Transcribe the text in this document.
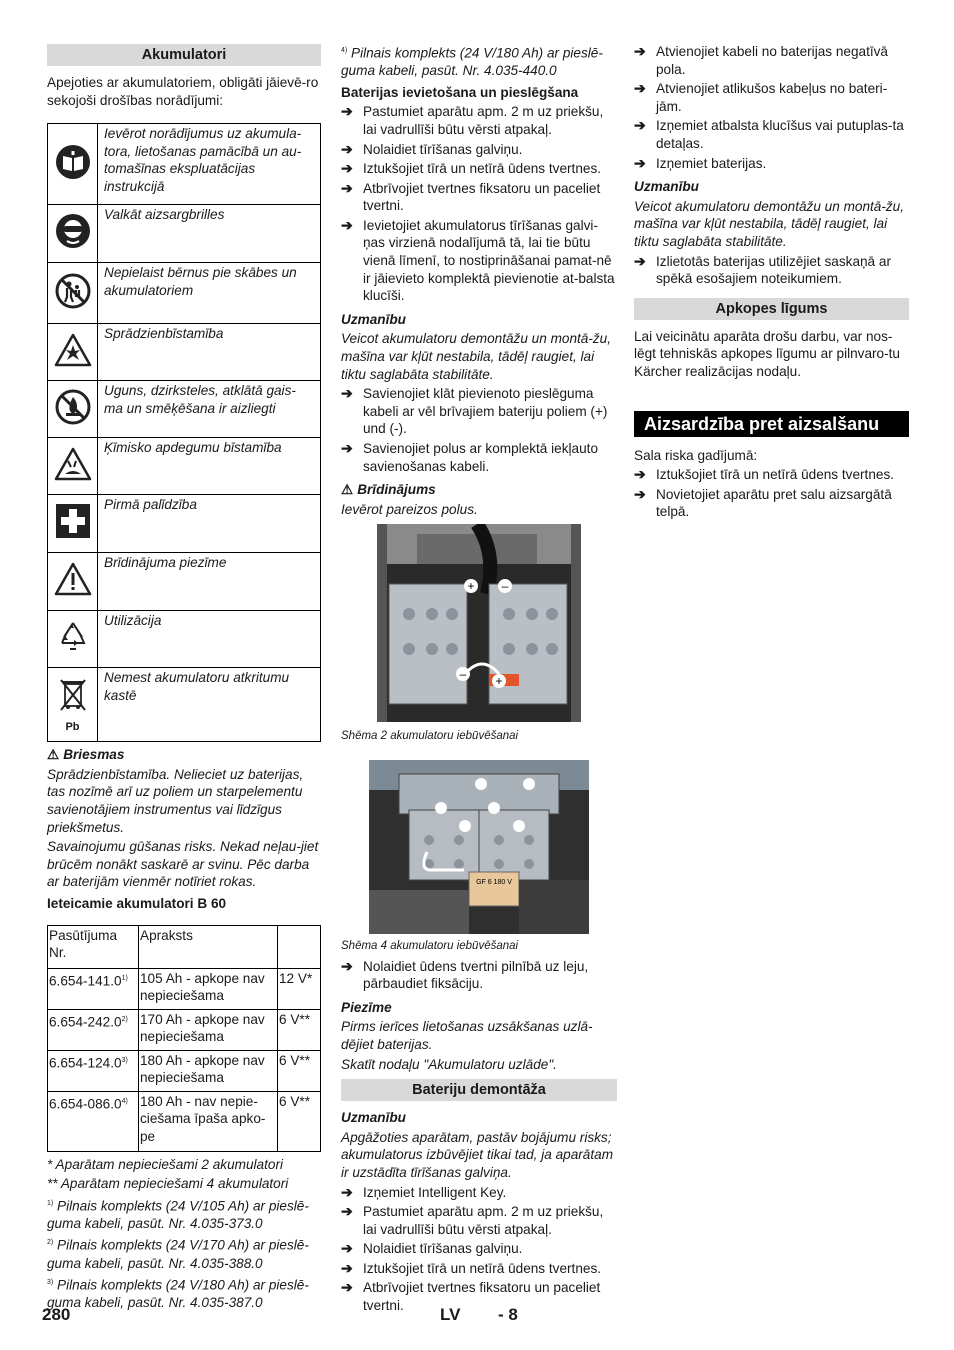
Akumulatori

Apejoties ar akumulatoriem, obligāti jāievē-ro sekojoši drošības norādījumi:

	Ievērot norādījumus uz akumula-tora, lietošanas pamācībā un au-tomašīnas ekspluatācijas instrukcijā
	Valkāt aizsargbrilles
	Nepielaist bērnus pie skābes un akumulatoriem
	Sprādzienbīstamība
	Uguns, dzirksteles, atklātā gais-ma un smēķēšana ir aizliegti
	Ķīmisko apdegumu bīstamība
	Pirmā palīdzība
	Brīdinājuma piezīme
	Utilizācija

Pb	Nemest akumulatoru atkritumu kastē

⚠ Briesmas

Sprādzienbīstamība. Nelieciet uz baterijas, tas nozīmē arī uz poliem un starpelementu savienotājiem instrumentus vai līdzīgus priekšmetus.

Savainojumu gūšanas risks. Nekad neļau-jiet brūcēm nonākt saskarē ar svinu. Pēc darba ar baterijām vienmēr notīriet rokas.

Ieteicamie akumulatori B 60

Pasūtījuma Nr.	Apraksts	
6.654-141.0$^{1)}$	105 Ah - apkope nav nepieciešama	12 V*
6.654-242.0$^{2)}$	170 Ah - apkope nav nepieciešama	6 V**
6.654-124.0$^{3)}$	180 Ah - apkope nav nepieciešama	6 V**
6.654-086.0$^{4)}$	180 Ah - nav nepie-ciešama īpaša apko-pe	6 V**

* Aparātam nepieciešami 2 akumulatori

** Aparātam nepieciešami 4 akumulatori

$^{1)}$ Pilnais komplekts (24 V/105 Ah) ar pieslē-guma kabeli, pasūt. Nr. 4.035-373.0

$^{2)}$ Pilnais komplekts (24 V/170 Ah) ar pieslē-guma kabeli, pasūt. Nr. 4.035-388.0

$^{3)}$ Pilnais komplekts (24 V/180 Ah) ar pieslē-guma kabeli, pasūt. Nr. 4.035-387.0

$^{4)}$ Pilnais komplekts (24 V/180 Ah) ar pieslē-guma kabeli, pasūt. Nr. 4.035-440.0

Baterijas ievietošana un pieslēgšana

➔ Pastumiet aparātu apm. 2 m uz priekšu, lai vadrullīši būtu vērsti atpakaļ.
➔ Nolaidiet tīrīšanas galviņu.
➔ Iztukšojiet tīrā un netīrā ūdens tvertnes.
➔ Atbrīvojiet tvertnes fiksatoru un paceliet tvertni.
➔ Ievietojiet akumulatorus tīrīšanas galvi-ņas virzienā nodalījumā tā, lai tie būtu vienā līmenī, to nostiprināšanai pamat-nē ir jāievieto komplektā pievienotie at-balsta klucīši.

Uzmanību

Veicot akumulatoru demontāžu un montā-žu, mašīna var kļūt nestabila, tādēļ raugiet, lai tiktu saglabāta stabilitāte.

➔ Savienojiet klāt pievienoto pieslēguma kabeli ar vēl brīvajiem bateriju poliem (+) und (-).
➔ Savienojiet polus ar komplektā iekļauto savienošanas kabeli.

⚠ Brīdinājums

Ievērot pareizos polus.

+ –
– +

Shēma 2 akumulatoru iebūvēšanai

GF 6 180 V

Shēma 4 akumulatoru iebūvēšanai

➔ Nolaidiet ūdens tvertni pilnībā uz leju, pārbaudiet fiksāciju.

Piezīme

Pirms ierīces lietošanas uzsākšanas uzlā-dējiet baterijas.

Skatīt nodaļu "Akumulatoru uzlāde".

Bateriju demontāža

Uzmanību

Apgāžoties aparātam, pastāv bojājumu risks; akumulatorus izbūvējiet tikai tad, ja aparātam ir uzstādīta tīrīšanas galviņa.

➔ Izņemiet Intelligent Key.
➔ Pastumiet aparātu apm. 2 m uz priekšu, lai vadrullīši būtu vērsti atpakaļ.
➔ Nolaidiet tīrīšanas galviņu.
➔ Iztukšojiet tīrā un netīrā ūdens tvertnes.
➔ Atbrīvojiet tvertnes fiksatoru un paceliet tvertni.
➔ Atvienojiet kabeli no baterijas negatīvā pola.
➔ Atvienojiet atlikušos kabeļus no bateri-jām.
➔ Izņemiet atbalsta klucīšus vai putuplas-ta detaļas.
➔ Izņemiet baterijas.

Uzmanību

Veicot akumulatoru demontāžu un montā-žu, mašīna var kļūt nestabila, tādēļ raugiet, lai tiktu saglabāta stabilitāte.

➔ Izlietotās baterijas utilizējiet saskaņā ar spēkā esošajiem noteikumiem.
Apkopes līgums

Lai veicinātu aparāta drošu darbu, var nos-lēgt tehniskās apkopes līgumu ar pilnvaro-tu Kärcher realizācijas nodaļu.

Aizsardzība pret aizsalšanu

Sala riska gadījumā:

➔ Iztukšojiet tīrā un netīrā ūdens tvertnes.
➔ Novietojiet aparātu pret salu aizsargātā telpā.
280	LV - 8
